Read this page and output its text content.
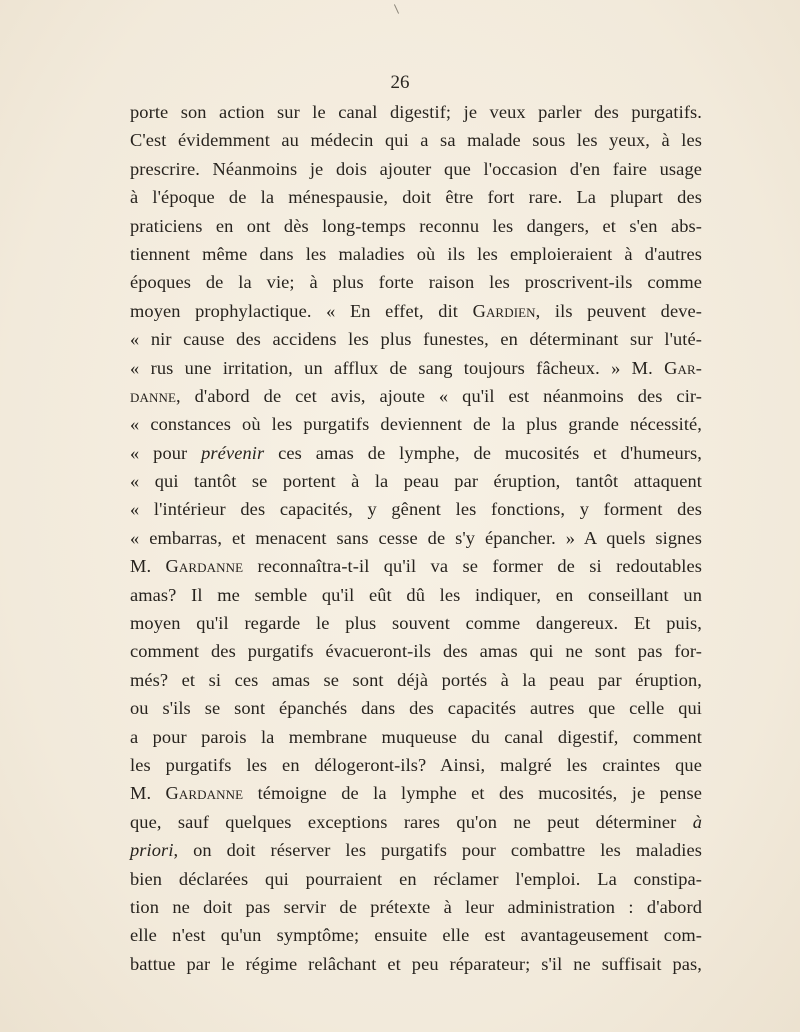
26
porte son action sur le canal digestif; je veux parler des purgatifs.
C'est évidemment au médecin qui a sa malade sous les yeux, à les
prescrire. Néanmoins je dois ajouter que l'occasion d'en faire usage
à l'époque de la ménespausie, doit être fort rare. La plupart des
praticiens en ont dès long-temps reconnu les dangers, et s'en abs-
tiennent même dans les maladies où ils les emploieraient à d'autres
époques de la vie; à plus forte raison les proscrivent-ils comme
moyen prophylactique. « En effet, dit Gardien, ils peuvent deve-
« nir cause des accidens les plus funestes, en déterminant sur l'uté-
« rus une irritation, un afflux de sang toujours fâcheux. » M. Gar-
danne, d'abord de cet avis, ajoute « qu'il est néanmoins des cir-
« constances où les purgatifs deviennent de la plus grande nécessité,
« pour prévenir ces amas de lymphe, de mucosités et d'humeurs,
« qui tantôt se portent à la peau par éruption, tantôt attaquent
« l'intérieur des capacités, y gênent les fonctions, y forment des
« embarras, et menacent sans cesse de s'y épancher. » A quels signes
M. Gardanne reconnaîtra-t-il qu'il va se former de si redoutables
amas? Il me semble qu'il eût dû les indiquer, en conseillant un
moyen qu'il regarde le plus souvent comme dangereux. Et puis,
comment des purgatifs évacueront-ils des amas qui ne sont pas for-
més? et si ces amas se sont déjà portés à la peau par éruption,
ou s'ils se sont épanchés dans des capacités autres que celle qui
a pour parois la membrane muqueuse du canal digestif, comment
les purgatifs les en délogeront-ils? Ainsi, malgré les craintes que
M. Gardanne témoigne de la lymphe et des mucosités, je pense
que, sauf quelques exceptions rares qu'on ne peut déterminer à
priori, on doit réserver les purgatifs pour combattre les maladies
bien déclarées qui pourraient en réclamer l'emploi. La constipa-
tion ne doit pas servir de prétexte à leur administration : d'abord
elle n'est qu'un symptôme; ensuite elle est avantageusement com-
battue par le régime relâchant et peu réparateur; s'il ne suffisait pas,
